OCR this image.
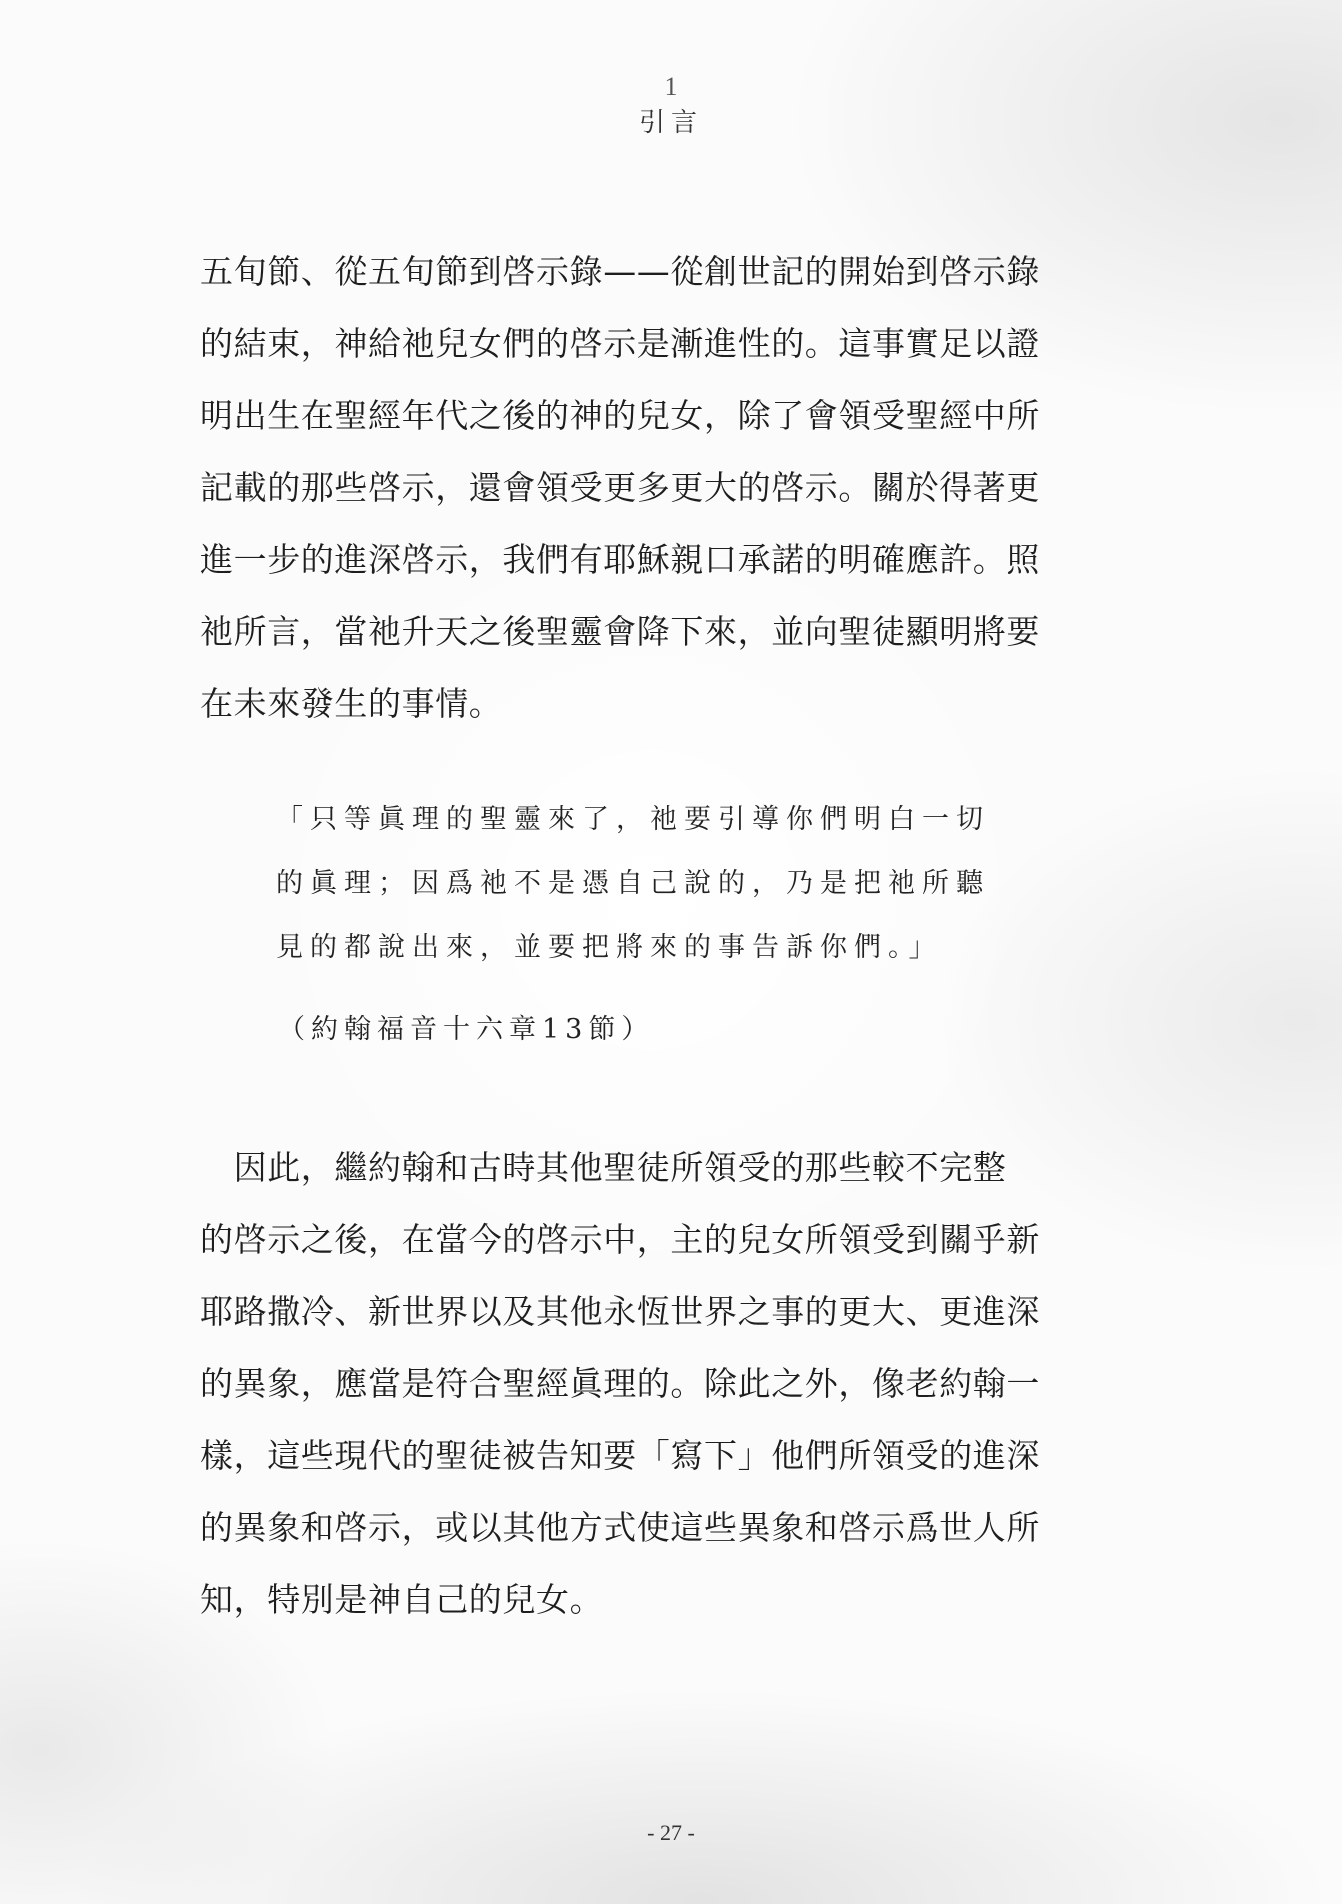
1
引言
五旬節、從五旬節到啓示錄——從創世記的開始到啓示錄
的結束，神給祂兒女們的啓示是漸進性的。這事實足以證
明出生在聖經年代之後的神的兒女，除了會領受聖經中所
記載的那些啓示，還會領受更多更大的啓示。關於得著更
進一步的進深啓示，我們有耶穌親口承諾的明確應許。照
祂所言，當祂升天之後聖靈會降下來，並向聖徒顯明將要
在未來發生的事情。
「只等眞理的聖靈來了，祂要引導你們明白一切
的眞理；因爲祂不是憑自己說的，乃是把祂所聽
見的都說出來，並要把將來的事告訴你們。」
（約翰福音十六章13節）
　因此，繼約翰和古時其他聖徒所領受的那些較不完整
的啓示之後，在當今的啓示中，主的兒女所領受到關乎新
耶路撒冷、新世界以及其他永恆世界之事的更大、更進深
的異象，應當是符合聖經眞理的。除此之外，像老約翰一
樣，這些現代的聖徒被告知要「寫下」他們所領受的進深
的異象和啓示，或以其他方式使這些異象和啓示爲世人所
知，特別是神自己的兒女。
- 27 -
